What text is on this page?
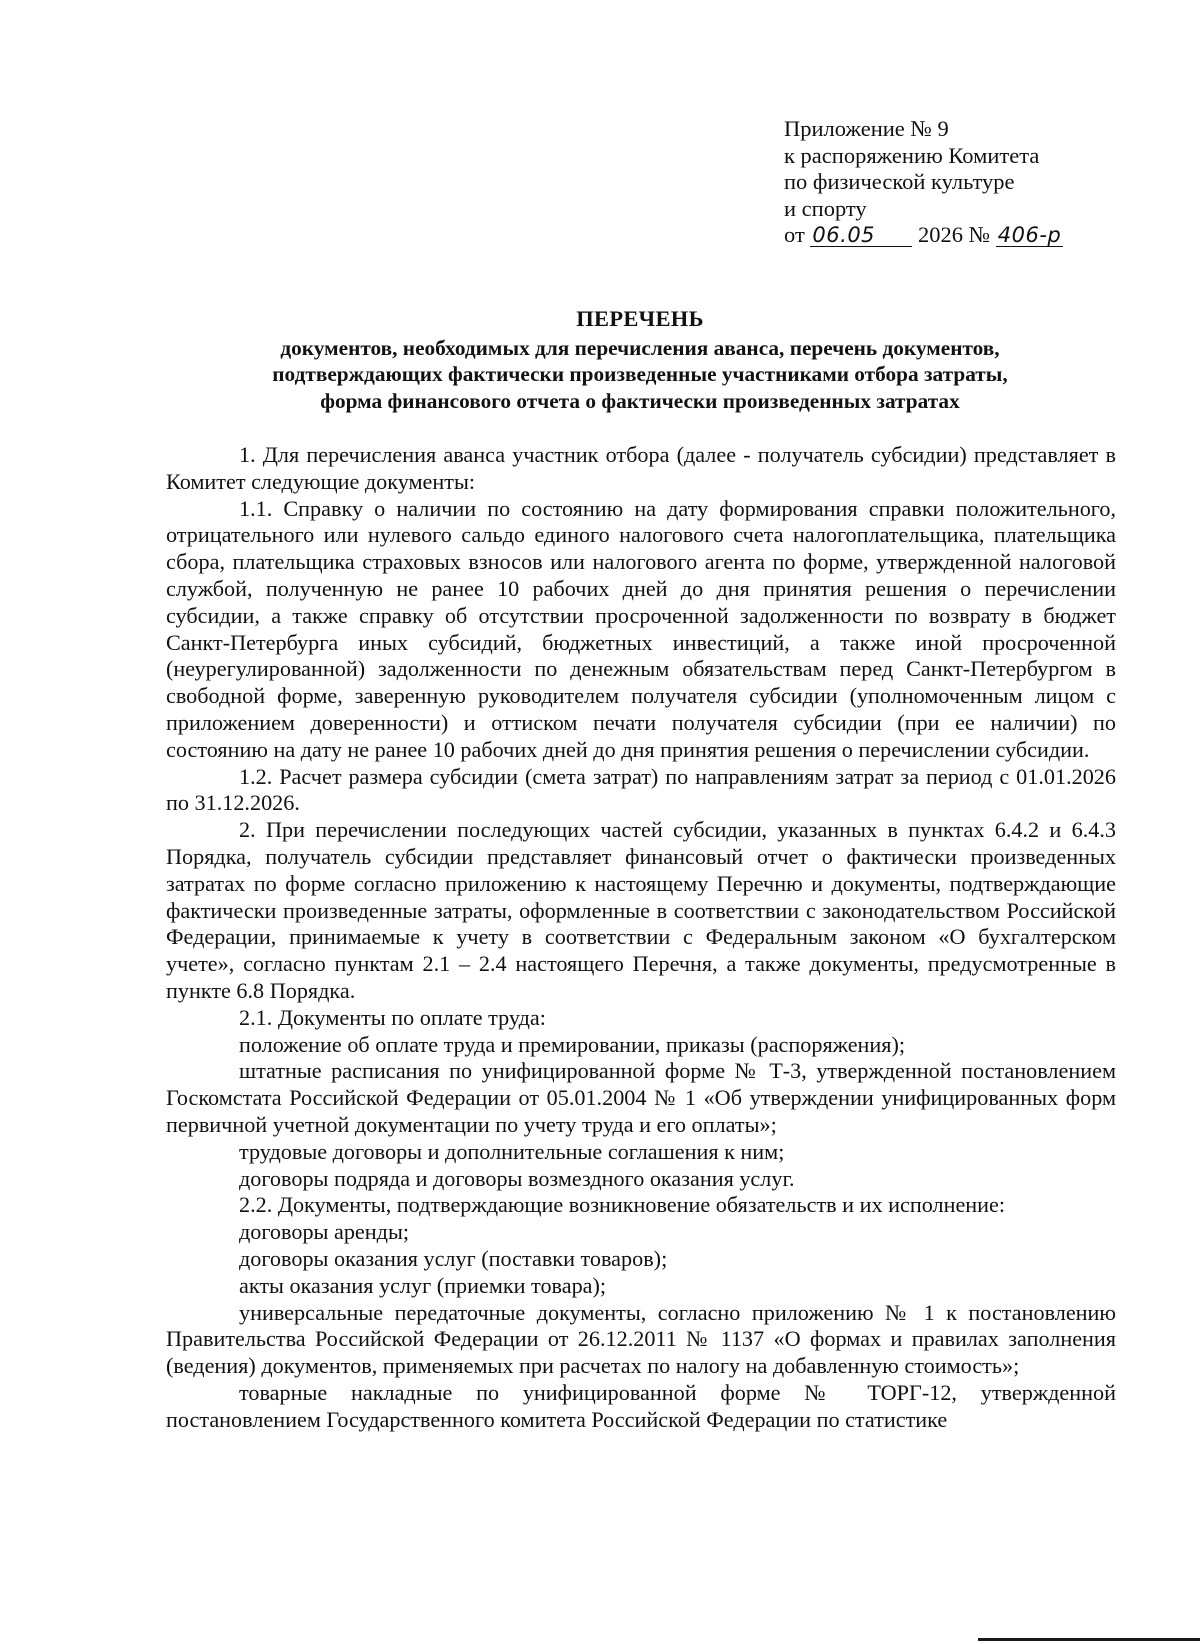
Приложение № 9
к распоряжению Комитета
по физической культуре
и спорту
от 06.05 2026 № 406-р
ПЕРЕЧЕНЬ
документов, необходимых для перечисления аванса, перечень документов,
подтверждающих фактически произведенные участниками отбора затраты,
форма финансового отчета о фактически произведенных затратах

1. Для перечисления аванса участник отбора (далее - получатель субсидии) представляет в Комитет следующие документы:

1.1. Справку о наличии по состоянию на дату формирования справки положительного, отрицательного или нулевого сальдо единого налогового счета налогоплательщика, плательщика сбора, плательщика страховых взносов или налогового агента по форме, утвержденной налоговой службой, полученную не ранее 10 рабочих дней до дня принятия решения о перечислении субсидии, а также справку об отсутствии просроченной задолженности по возврату в бюджет Санкт-Петербурга иных субсидий, бюджетных инвестиций, а также иной просроченной (неурегулированной) задолженности по денежным обязательствам перед Санкт-Петербургом в свободной форме, заверенную руководителем получателя субсидии (уполномоченным лицом с приложением доверенности) и оттиском печати получателя субсидии (при ее наличии) по состоянию на дату не ранее 10 рабочих дней до дня принятия решения о перечислении субсидии.

1.2. Расчет размера субсидии (смета затрат) по направлениям затрат за период с 01.01.2026 по 31.12.2026.

2. При перечислении последующих частей субсидии, указанных в пунктах 6.4.2 и 6.4.3 Порядка, получатель субсидии представляет финансовый отчет о фактически произведенных затратах по форме согласно приложению к настоящему Перечню и документы, подтверждающие фактически произведенные затраты, оформленные в соответствии с законодательством Российской Федерации, принимаемые к учету в соответствии с Федеральным законом «О бухгалтерском учете», согласно пунктам 2.1 – 2.4 настоящего Перечня, а также документы, предусмотренные в пункте 6.8 Порядка.

2.1. Документы по оплате труда:

положение об оплате труда и премировании, приказы (распоряжения);

штатные расписания по унифицированной форме № Т-3, утвержденной постановлением Госкомстата Российской Федерации от 05.01.2004 № 1 «Об утверждении унифицированных форм первичной учетной документации по учету труда и его оплаты»;

трудовые договоры и дополнительные соглашения к ним;

договоры подряда и договоры возмездного оказания услуг.

2.2. Документы, подтверждающие возникновение обязательств и их исполнение:

договоры аренды;

договоры оказания услуг (поставки товаров);

акты оказания услуг (приемки товара);

универсальные передаточные документы, согласно приложению № 1 к постановлению Правительства Российской Федерации от 26.12.2011 № 1137 «О формах и правилах заполнения (ведения) документов, применяемых при расчетах по налогу на добавленную стоимость»;

товарные накладные по унифицированной форме № ТОРГ-12, утвержденной постановлением Государственного комитета Российской Федерации по статистике
